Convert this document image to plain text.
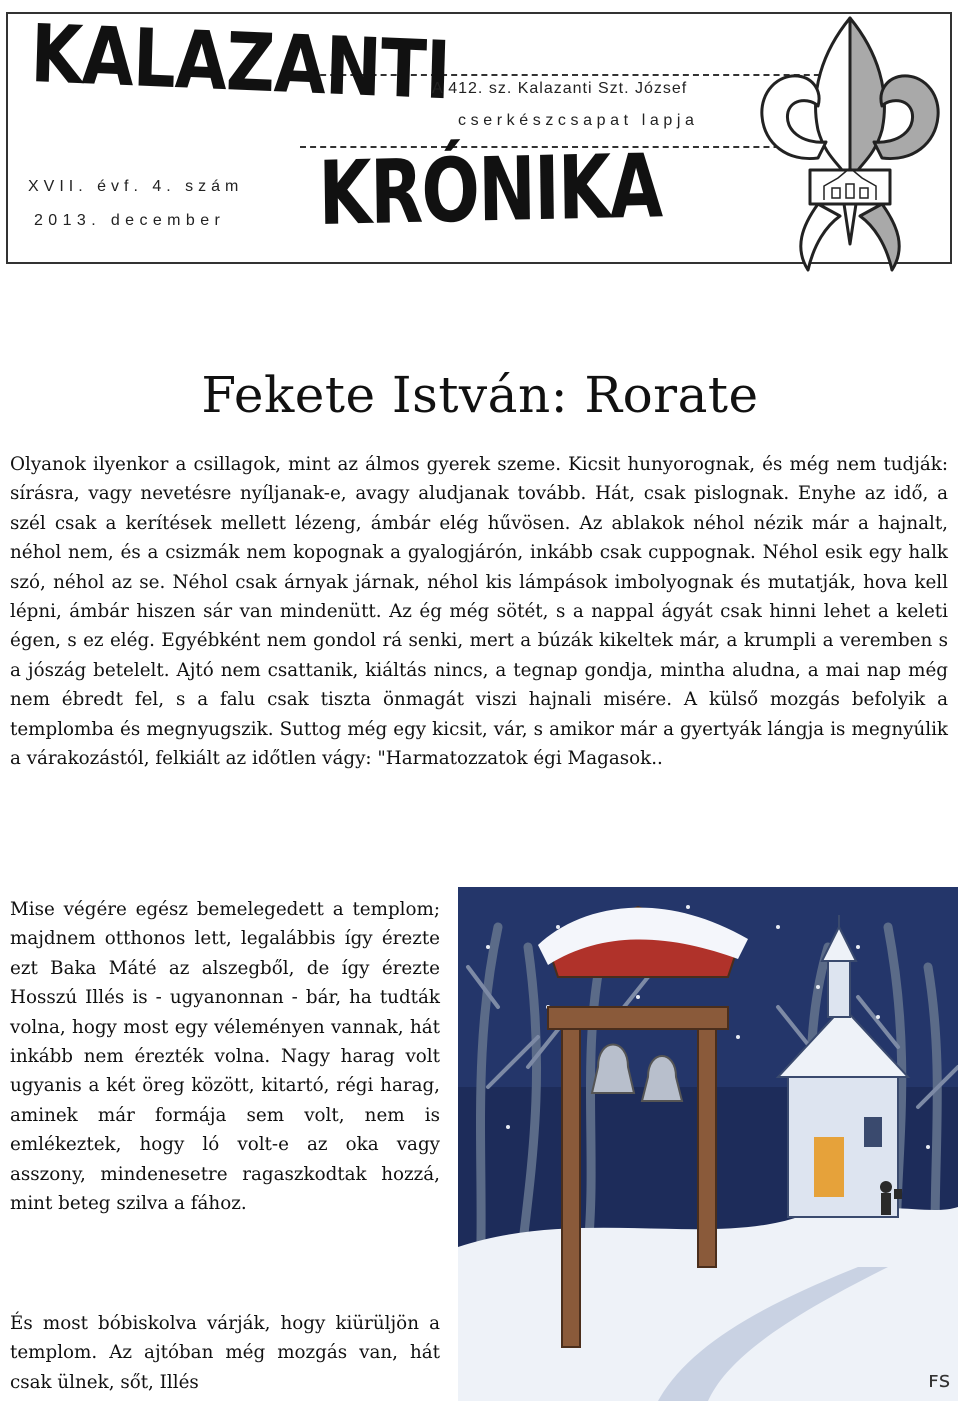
KALAZANTI
KRÓNIKA
A 412. sz. Kalazanti Szt. József
cserkészcsapat lapja
XVII. évf. 4. szám
2013. december
Fekete István: Rorate

Olyanok ilyenkor a csillagok, mint az álmos gyerek szeme. Kicsit hunyorognak, és még nem tudják: sírásra, vagy nevetésre nyíljanak-e, avagy aludjanak tovább. Hát, csak pislognak. Enyhe az idő, a szél csak a kerítések mellett lézeng, ámbár elég hűvösen. Az ablakok néhol nézik már a hajnalt, néhol nem, és a csizmák nem kopognak a gyalogjárón, inkább csak cuppognak. Néhol esik egy halk szó, néhol az se. Néhol csak árnyak járnak, néhol kis lámpások imbolyognak és mutatják, hova kell lépni, ámbár hiszen sár van mindenütt. Az ég még sötét, s a nappal ágyát csak hinni lehet a keleti égen, s ez elég. Egyébként nem gondol rá senki, mert a búzák kikeltek már, a krumpli a veremben s a jószág betelelt. Ajtó nem csattanik, kiáltás nincs, a tegnap gondja, mintha aludna, a mai nap még nem ébredt fel, s a falu csak tiszta önmagát viszi hajnali misére. A külső mozgás befolyik a templomba és megnyugszik. Suttog még egy kicsit, vár, s amikor már a gyertyák lángja is megnyúlik a várakozástól, felkiált az időtlen vágy: "Harmatozzatok égi Magasok..

Mise végére egész bemelegedett a templom; majdnem otthonos lett, legalábbis így érezte ezt Baka Máté az alszegből, de így érezte Hosszú Illés is - ugyanonnan - bár, ha tudták volna, hogy most egy véleményen vannak, hát inkább nem érezték volna. Nagy harag volt ugyanis a két öreg között, kitartó, régi harag, aminek már formája sem volt, nem is emlékeztek, hogy ló volt-e az oka vagy asszony, mindenesetre ragaszkodtak hozzá, mint beteg szilva a fához.

És most bóbiskolva várják, hogy kiürüljön a templom. Az ajtóban még mozgás van, hát csak ülnek, sőt, Illés	ꜰs
